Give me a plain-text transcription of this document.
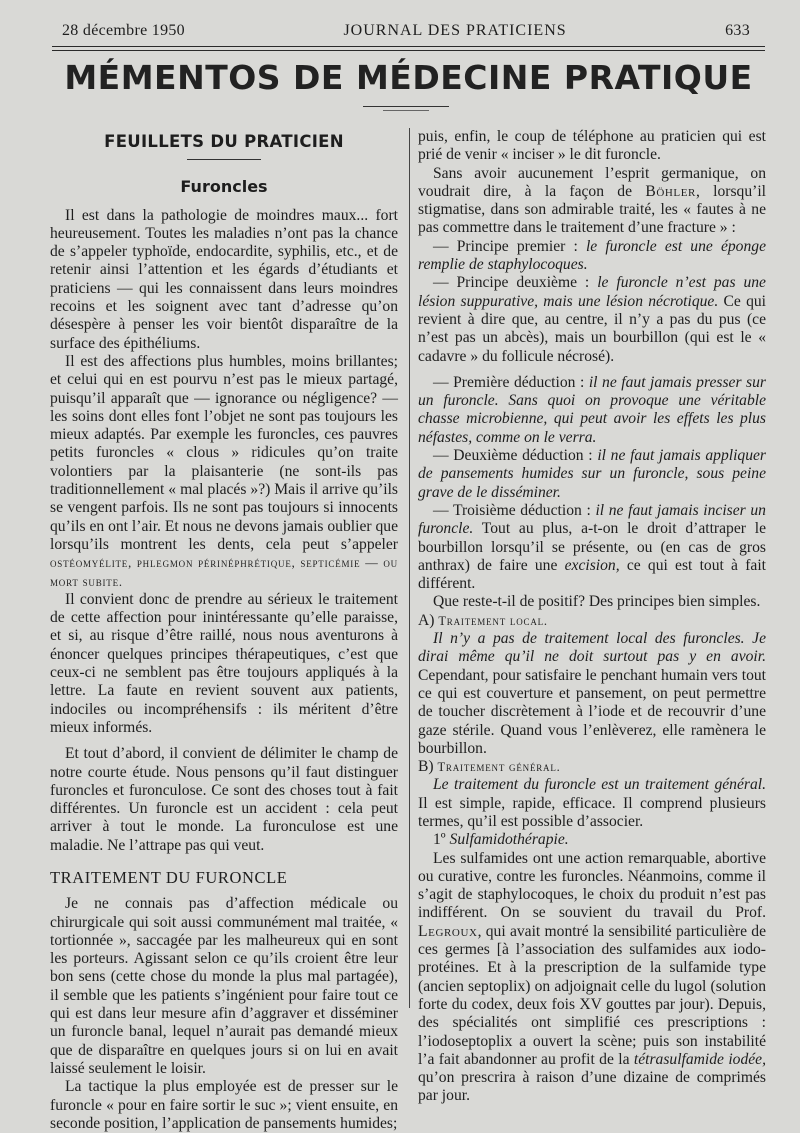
28 décembre 1950	JOURNAL DES PRATICIENS	633
MÉMENTOS DE MÉDECINE PRATIQUE
FEUILLETS DU PRATICIEN
Furoncles

Il est dans la pathologie de moindres maux... fort heureusement. Toutes les maladies n’ont pas la chance de s’appeler typhoïde, endocardite, syphilis, etc., et de retenir ainsi l’attention et les égards d’étudiants et praticiens — qui les connaissent dans leurs moindres recoins et les soignent avec tant d’adresse qu’on désespère à penser les voir bientôt disparaître de la surface des épithéliums.

Il est des affections plus humbles, moins brillantes; et celui qui en est pourvu n’est pas le mieux partagé, puisqu’il apparaît que — ignorance ou négligence? — les soins dont elles font l’objet ne sont pas toujours les mieux adaptés. Par exemple les furoncles, ces pauvres petits furoncles « clous » ridicules qu’on traite volontiers par la plaisanterie (ne sont-ils pas traditionnellement « mal placés »?) Mais il arrive qu’ils se vengent parfois. Ils ne sont pas toujours si innocents qu’ils en ont l’air. Et nous ne devons jamais oublier que lorsqu’ils montrent les dents, cela peut s’appeler ostéomyélite, phlegmon périnéphrétique, septicémie — ou mort subite.

Il convient donc de prendre au sérieux le traitement de cette affection pour inintéressante qu’elle paraisse, et si, au risque d’être raillé, nous nous aventurons à énoncer quelques principes thérapeutiques, c’est que ceux-ci ne semblent pas être toujours appliqués à la lettre. La faute en revient souvent aux patients, indociles ou incompréhensifs : ils méritent d’être mieux informés.

Et tout d’abord, il convient de délimiter le champ de notre courte étude. Nous pensons qu’il faut distinguer furoncles et furonculose. Ce sont des choses tout à fait différentes. Un furoncle est un accident : cela peut arriver à tout le monde. La furonculose est une maladie. Ne l’attrape pas qui veut.

TRAITEMENT DU FURONCLE

Je ne connais pas d’affection médicale ou chirurgicale qui soit aussi communément mal traitée, « tortionnée », saccagée par les malheureux qui en sont les porteurs. Agissant selon ce qu’ils croient être leur bon sens (cette chose du monde la plus mal partagée), il semble que les patients s’ingénient pour faire tout ce qui est dans leur mesure afin d’aggraver et disséminer un furoncle banal, lequel n’aurait pas demandé mieux que de disparaître en quelques jours si on lui en avait laissé seulement le loisir.

La tactique la plus employée est de presser sur le furoncle « pour en faire sortir le suc »; vient ensuite, en seconde position, l’application de pansements humides;

puis, enfin, le coup de téléphone au praticien qui est prié de venir « inciser » le dit furoncle.

Sans avoir aucunement l’esprit germanique, on voudrait dire, à la façon de Böhler, lorsqu’il stigmatise, dans son admirable traité, les « fautes à ne pas commettre dans le traitement d’une fracture » :

— Principe premier : le furoncle est une éponge remplie de staphylocoques.

— Principe deuxième : le furoncle n’est pas une lésion suppurative, mais une lésion nécrotique. Ce qui revient à dire que, au centre, il n’y a pas du pus (ce n’est pas un abcès), mais un bourbillon (qui est le « cadavre » du follicule nécrosé).

— Première déduction : il ne faut jamais presser sur un furoncle. Sans quoi on provoque une véritable chasse microbienne, qui peut avoir les effets les plus néfastes, comme on le verra.

— Deuxième déduction : il ne faut jamais appliquer de pansements humides sur un furoncle, sous peine grave de le disséminer.

— Troisième déduction : il ne faut jamais inciser un furoncle. Tout au plus, a-t-on le droit d’attraper le bourbillon lorsqu’il se présente, ou (en cas de gros anthrax) de faire une excision, ce qui est tout à fait différent.

Que reste-t-il de positif? Des principes bien simples.

A) Traitement local.

Il n’y a pas de traitement local des furoncles. Je dirai même qu’il ne doit surtout pas y en avoir. Cependant, pour satisfaire le penchant humain vers tout ce qui est couverture et pansement, on peut permettre de toucher discrètement à l’iode et de recouvrir d’une gaze stérile. Quand vous l’enlèverez, elle ramènera le bourbillon.

B) Traitement général.

Le traitement du furoncle est un traitement général. Il est simple, rapide, efficace. Il comprend plusieurs termes, qu’il est possible d’associer.

1º Sulfamidothérapie.

Les sulfamides ont une action remarquable, abortive ou curative, contre les furoncles. Néanmoins, comme il s’agit de staphylocoques, le choix du produit n’est pas indifférent. On se souvient du travail du Prof. Legroux, qui avait montré la sensibilité particulière de ces germes [à l’association des sulfamides aux iodo-protéines. Et à la prescription de la sulfamide type (ancien septoplix) on adjoignait celle du lugol (solution forte du codex, deux fois XV gouttes par jour). Depuis, des spécialités ont simplifié ces prescriptions : l’iodoseptoplix a ouvert la scène; puis son instabilité l’a fait abandonner au profit de la tétrasulfamide iodée, qu’on prescrira à raison d’une dizaine de comprimés par jour.
